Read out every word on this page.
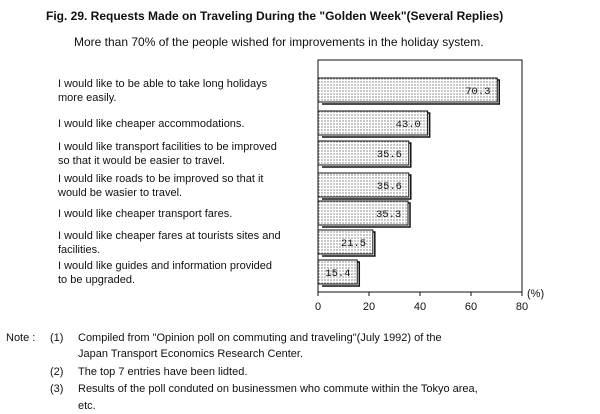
Fig. 29. Requests Made on Traveling During the "Golden Week"(Several Replies)
More than 70% of the people wished for improvements in the holiday system.
70.3
I would like to be able to take long holidays
more easily.
43.0
I would like cheaper accommodations.
35.6
I would like transport facilities to be improved
so that it would be easier to travel.
35.6
I would like roads to be improved so that it
would be wasier to travel.
35.3
I would like cheaper transport fares.
21.5
I would like cheaper fares at tourists sites and
facilities.
15.4
I would like guides and information provided
to be upgraded.
0	20	40	60	80
(%)
Note : (1) Compiled from "Opinion poll on commuting and traveling"(July 1992) of the
Japan Transport Economics Research Center.
(2) The top 7 entries have been lidted.
(3) Results of the poll conduted on businessmen who commute within the Tokyo area,
etc.
